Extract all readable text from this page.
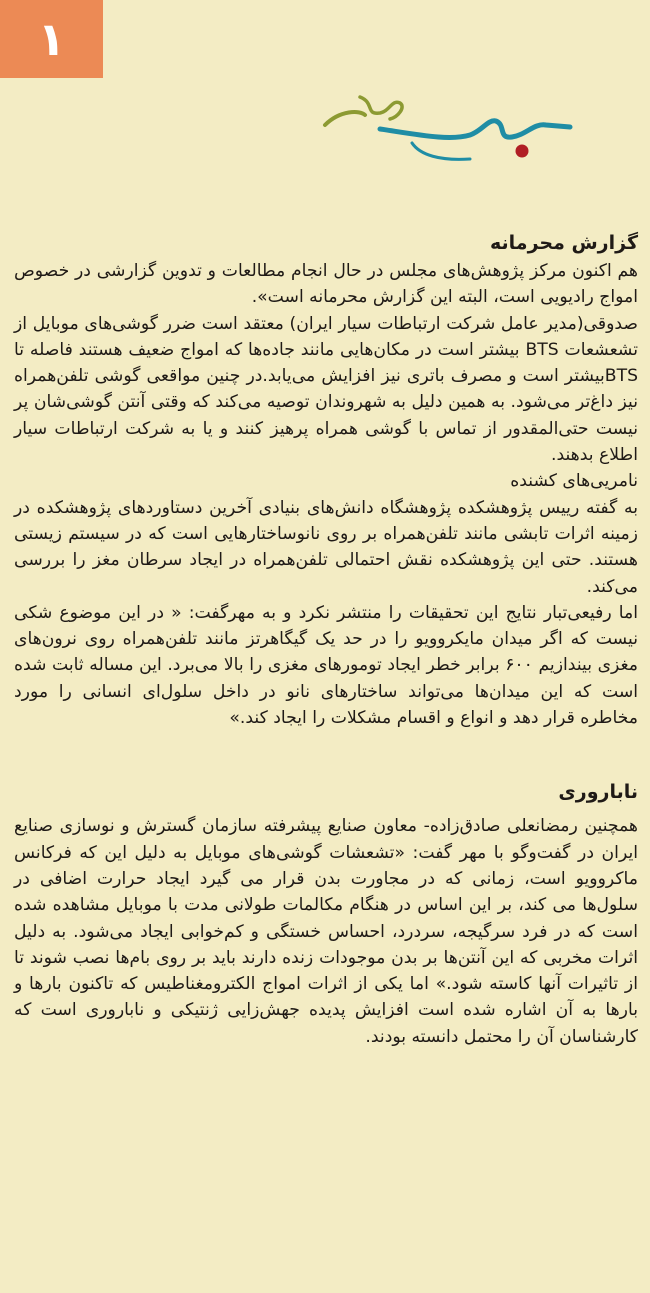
۱
گزارش محرمانه

هم اکنون مرکز پژوهش‌های مجلس در حال انجام مطالعات و تدوین گزارشی در خصوص امواج رادیویی است، البته این گزارش محرمانه است».

صدوقی(مدیر عامل شرکت ارتباطات سیار ایران) معتقد است ضرر گوشی‌های موبایل از تشعشعات BTS بیشتر است در مکان‌هایی مانند جاده‌ها که امواج ضعیف هستند فاصله تا BTSبیشتر است و مصرف باتری نیز افزایش می‌یابد.در چنین مواقعی گوشی تلفن‌همراه نیز داغ‌تر می‌شود. به همین دلیل به شهروندان توصیه می‌کند که وقتی آنتن گوشی‌شان پر نیست حتی‌المقدور از تماس با گوشی همراه پرهیز کنند و یا به شرکت ارتباطات سیار اطلاع بدهند.

نامریی‌های کشنده

به گفته رییس پژوهشکده پژوهشگاه دانش‌های بنیادی آخرین دستاوردهای پژوهشکده در زمینه اثرات تابشی مانند تلفن‌همراه بر روی نانوساختارهایی است که در سیستم زیستی هستند. حتی این پژوهشکده نقش احتمالی تلفن‌همراه در ایجاد سرطان مغز را بررسی می‌کند.

اما رفیعی‌تبار نتایج این تحقیقات را منتشر نکرد و به مهرگفت: « در این موضوع شکی نیست که اگر میدان مایکروویو را در حد یک گیگاهرتز مانند تلفن‌همراه روی نرون‌های مغزی بیندازیم ۶۰۰ برابر خطر ایجاد تومورهای مغزی را بالا می‌برد. این مساله ثابت شده است که این میدان‌ها می‌تواند ساختارهای نانو در داخل سلول‌ای انسانی را مورد مخاطره قرار دهد و انواع و اقسام مشکلات را ایجاد کند.»

ناباروری

همچنین رمضانعلی صادق‌زاده- معاون صنایع پیشرفته سازمان گسترش و نوسازی صنایع ایران در گفت‌وگو با مهر گفت: «تشعشات گوشی‌های موبایل به دلیل این که فرکانس ماکروویو است، زمانی که در مجاورت بدن قرار می گیرد ایجاد حرارت اضافی در سلول‌ها می کند، بر این اساس در هنگام مکالمات طولانی مدت با موبایل مشاهده شده است که در فرد سرگیجه، سردرد، احساس خستگی و کم‌خوابی ایجاد می‌شود. به دلیل اثرات مخربی که این آنتن‌ها بر بدن موجودات زنده دارند باید بر روی بام‌ها نصب شوند تا از تاثیرات آنها کاسته شود.» اما یکی از اثرات امواج الکترومغناطیس که تاکنون بارها و بارها به آن اشاره شده است افزایش پدیده جهش‌زایی ژنتیکی و ناباروری است که کارشناسان آن را محتمل دانسته بودند.
